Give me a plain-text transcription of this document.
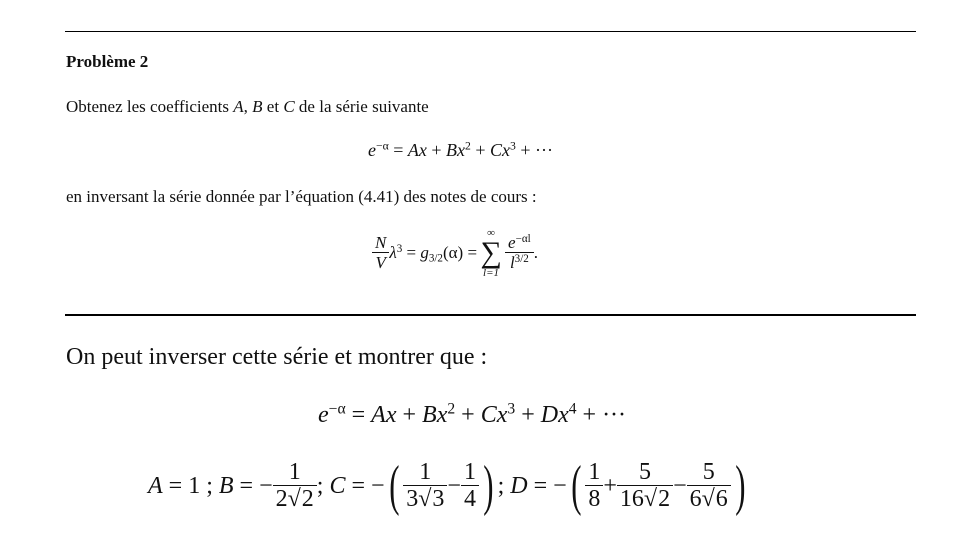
Problème 2
Obtenez les coefficients A, B et C de la série suivante
$e^{-\alpha} = Ax + Bx^2 + Cx^3$ + ···
en inversant la série donnée par l’équation (4.41) des notes de cours :
$\frac{N}{V} \lambda^3 = g_{3/2}(\alpha)$ =
∞
∑
$l=1 \frac{e^{-\alpha l}}{l^{3/2}}$ .
On peut inverser cette série et montrer que :
$e^{-\alpha} = Ax + Bx^2 + Cx^3 + Dx^4$ + ···
A = 1 ; B = − $\frac{1}{2√2}$ ; C = −( $\frac{1}{3√3} - \frac{1}{4}$ ); D = −( $\frac{1}{8} + \frac{5}{16√2} - \frac{5}{6√6}$ )
